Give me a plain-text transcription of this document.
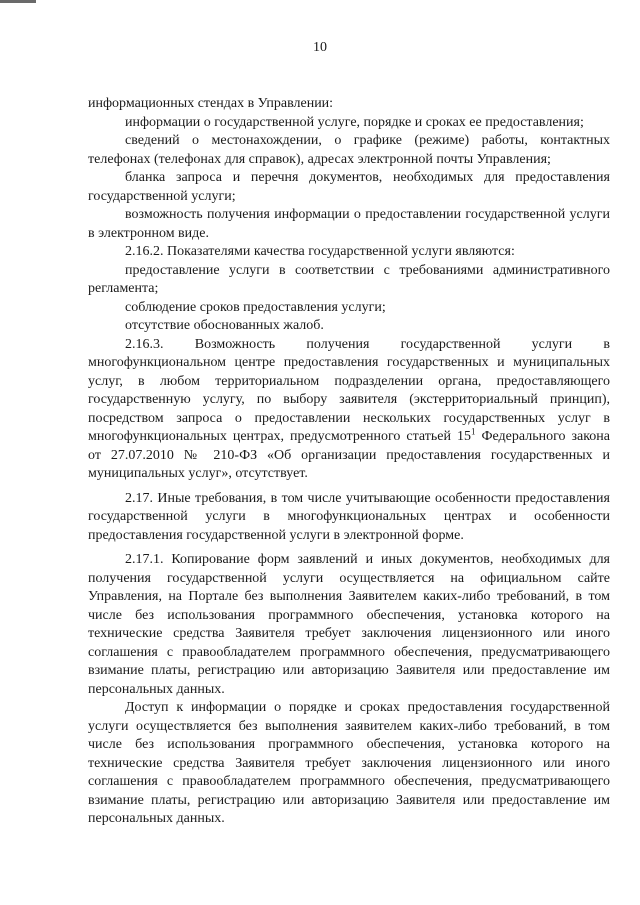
10

информационных стендах в Управлении:

информации о государственной услуге, порядке и сроках ее предоставления;

сведений о местонахождении, о графике (режиме) работы, контактных телефонах (телефонах для справок), адресах электронной почты Управления;

бланка запроса и перечня документов, необходимых для предоставления государственной услуги;

возможность получения информации о предоставлении государственной услуги в электронном виде.

2.16.2. Показателями качества государственной услуги являются:

предоставление услуги в соответствии с требованиями административного регламента;

соблюдение сроков предоставления услуги;

отсутствие обоснованных жалоб.

2.16.3. Возможность получения государственной услуги в многофункциональном центре предоставления государственных и муниципальных услуг, в любом территориальном подразделении органа, предоставляющего государственную услугу, по выбору заявителя (экстерриториальный принцип), посредством запроса о предоставлении нескольких государственных услуг в многофункциональных центрах, предусмотренного статьей $15^1$ Федерального закона от 27.07.2010 № 210-ФЗ «Об организации предоставления государственных и муниципальных услуг», отсутствует.

2.17. Иные требования, в том числе учитывающие особенности предоставления государственной услуги в многофункциональных центрах и особенности предоставления государственной услуги в электронной форме.

2.17.1. Копирование форм заявлений и иных документов, необходимых для получения государственной услуги осуществляется на официальном сайте Управления, на Портале без выполнения Заявителем каких-либо требований, в том числе без использования программного обеспечения, установка которого на технические средства Заявителя требует заключения лицензионного или иного соглашения с правообладателем программного обеспечения, предусматривающего взимание платы, регистрацию или авторизацию Заявителя или предоставление им персональных данных.

Доступ к информации о порядке и сроках предоставления государственной услуги осуществляется без выполнения заявителем каких-либо требований, в том числе без использования программного обеспечения, установка которого на технические средства Заявителя требует заключения лицензионного или иного соглашения с правообладателем программного обеспечения, предусматривающего взимание платы, регистрацию или авторизацию Заявителя или предоставление им персональных данных.
